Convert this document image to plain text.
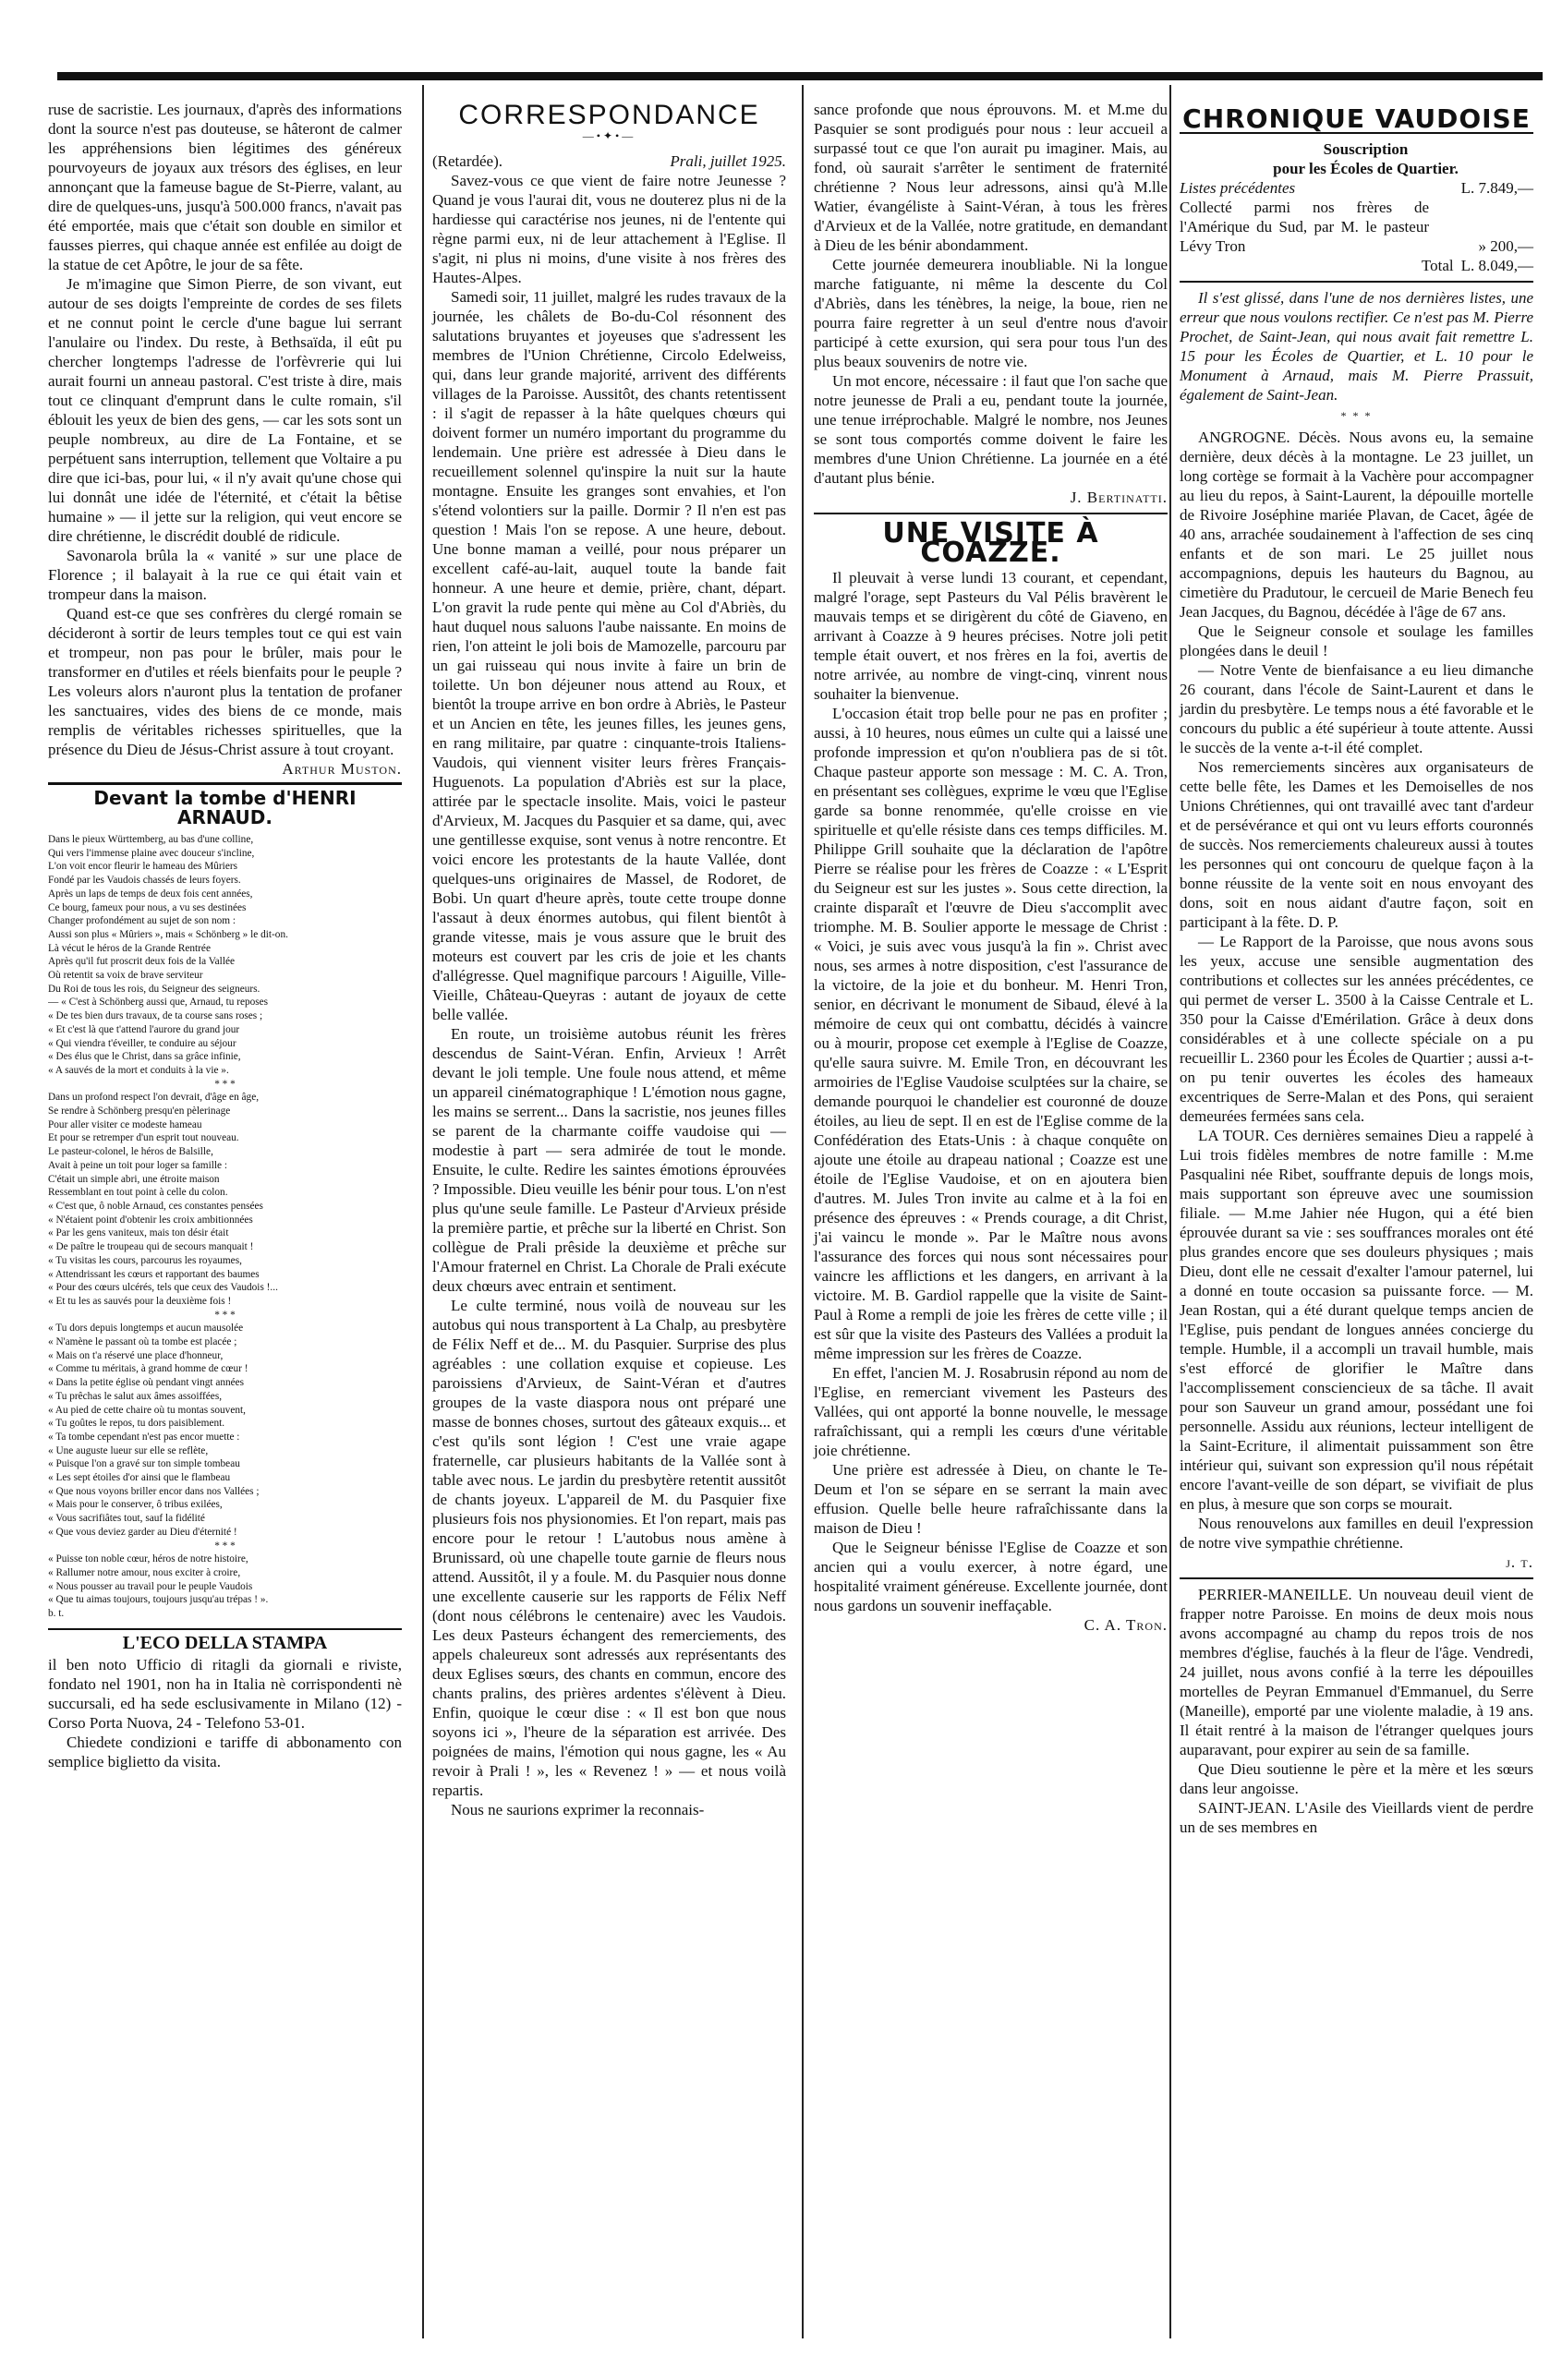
ruse de sacristie. Les journaux, d'après des informations dont la source n'est pas douteuse, se hâteront de calmer les appréhensions bien légitimes des généreux pourvoyeurs de joyaux aux trésors des églises, en leur annonçant que la fameuse bague de St-Pierre, valant, au dire de quelques-uns, jusqu'à 500.000 francs, n'avait pas été emportée, mais que c'était son double en similor et fausses pierres, qui chaque année est enfilée au doigt de la statue de cet Apôtre, le jour de sa fête.

Je m'imagine que Simon Pierre, de son vivant, eut autour de ses doigts l'empreinte de cordes de ses filets et ne connut point le cercle d'une bague lui serrant l'anulaire ou l'index. Du reste, à Bethsaïda, il eût pu chercher longtemps l'adresse de l'orfèvrerie qui lui aurait fourni un anneau pastoral. C'est triste à dire, mais tout ce clinquant d'emprunt dans le culte romain, s'il éblouit les yeux de bien des gens, — car les sots sont un peuple nombreux, au dire de La Fontaine, et se perpétuent sans interruption, tellement que Voltaire a pu dire que ici-bas, pour lui, « il n'y avait qu'une chose qui lui donnât une idée de l'éternité, et c'était la bêtise humaine » — il jette sur la religion, qui veut encore se dire chrétienne, le discrédit doublé de ridicule.

Savonarola brûla la « vanité » sur une place de Florence ; il balayait à la rue ce qui était vain et trompeur dans la maison.

Quand est-ce que ses confrères du clergé romain se décideront à sortir de leurs temples tout ce qui est vain et trompeur, non pas pour le brûler, mais pour le transformer en d'utiles et réels bienfaits pour le peuple ? Les voleurs alors n'auront plus la tentation de profaner les sanctuaires, vides des biens de ce monde, mais remplis de véritables richesses spirituelles, que la présence du Dieu de Jésus-Christ assure à tout croyant.

Arthur Muston.
Devant la tombe d'HENRI ARNAUD.
Dans le pieux Württemberg, au bas d'une colline,
Qui vers l'immense plaine avec douceur s'incline,
L'on voit encor fleurir le hameau des Mûriers
Fondé par les Vaudois chassés de leurs foyers.
Après un laps de temps de deux fois cent années,
Ce bourg, fameux pour nous, a vu ses destinées
Changer profondément au sujet de son nom :
Aussi son plus « Mûriers », mais « Schönberg » le dit-on.
Là vécut le héros de la Grande Rentrée
Après qu'il fut proscrit deux fois de la Vallée
Où retentit sa voix de brave serviteur
Du Roi de tous les rois, du Seigneur des seigneurs.
— « C'est à Schönberg aussi que, Arnaud, tu reposes
« De tes bien durs travaux, de ta course sans roses ;
« Et c'est là que t'attend l'aurore du grand jour
« Qui viendra t'éveiller, te conduire au séjour
« Des élus que le Christ, dans sa grâce infinie,
« A sauvés de la mort et conduits à la vie ».
* * *
Dans un profond respect l'on devrait, d'âge en âge,
Se rendre à Schönberg presqu'en pèlerinage
Pour aller visiter ce modeste hameau
Et pour se retremper d'un esprit tout nouveau.
Le pasteur-colonel, le héros de Balsille,
Avait à peine un toit pour loger sa famille :
C'était un simple abri, une étroite maison
Ressemblant en tout point à celle du colon.
« C'est que, ô noble Arnaud, ces constantes pensées
« N'étaient point d'obtenir les croix ambitionnées
« Par les gens vaniteux, mais ton désir était
« De paître le troupeau qui de secours manquait !
« Tu visitas les cours, parcourus les royaumes,
« Attendrissant les cœurs et rapportant des baumes
« Pour des cœurs ulcérés, tels que ceux des Vaudois !...
« Et tu les as sauvés pour la deuxième fois !
* * *
« Tu dors depuis longtemps et aucun mausolée
« N'amène le passant où ta tombe est placée ;
« Mais on t'a réservé une place d'honneur,
« Comme tu méritais, à grand homme de cœur !
« Dans la petite église où pendant vingt années
« Tu prêchas le salut aux âmes assoiffées,
« Au pied de cette chaire où tu montas souvent,
« Tu goûtes le repos, tu dors paisiblement.
« Ta tombe cependant n'est pas encor muette :
« Une auguste lueur sur elle se reflète,
« Puisque l'on a gravé sur ton simple tombeau
« Les sept étoiles d'or ainsi que le flambeau
« Que nous voyons briller encor dans nos Vallées ;
« Mais pour le conserver, ô tribus exilées,
« Vous sacrifiâtes tout, sauf la fidélité
« Que vous deviez garder au Dieu d'éternité !
* * *
« Puisse ton noble cœur, héros de notre histoire,
« Rallumer notre amour, nous exciter à croire,
« Nous pousser au travail pour le peuple Vaudois
« Que tu aimas toujours, toujours jusqu'au trépas ! ».
b. t.
L'ECO DELLA STAMPA

il ben noto Ufficio di ritagli da giornali e riviste, fondato nel 1901, non ha in Italia nè corrispondenti nè succursali, ed ha sede esclusivamente in Milano (12) - Corso Porta Nuova, 24 - Telefono 53-01.

Chiedete condizioni e tariffe di abbonamento con semplice biglietto da visita.

CORRESPONDANCE
—•✦•—
(Retardée).	Prali, juillet 1925.

Savez-vous ce que vient de faire notre Jeunesse ? Quand je vous l'aurai dit, vous ne douterez plus ni de la hardiesse qui caractérise nos jeunes, ni de l'entente qui règne parmi eux, ni de leur attachement à l'Eglise. Il s'agit, ni plus ni moins, d'une visite à nos frères des Hautes-Alpes.

Samedi soir, 11 juillet, malgré les rudes travaux de la journée, les châlets de Bo-du-Col résonnent des salutations bruyantes et joyeuses que s'adressent les membres de l'Union Chrétienne, Circolo Edelweiss, qui, dans leur grande majorité, arrivent des différents villages de la Paroisse. Aussitôt, des chants retentissent : il s'agit de repasser à la hâte quelques chœurs qui doivent former un numéro important du programme du lendemain. Une prière est adressée à Dieu dans le recueillement solennel qu'inspire la nuit sur la haute montagne. Ensuite les granges sont envahies, et l'on s'étend volontiers sur la paille. Dormir ? Il n'en est pas question ! Mais l'on se repose. A une heure, debout. Une bonne maman a veillé, pour nous préparer un excellent café-au-lait, auquel toute la bande fait honneur. A une heure et demie, prière, chant, départ. L'on gravit la rude pente qui mène au Col d'Abriès, du haut duquel nous saluons l'aube naissante. En moins de rien, l'on atteint le joli bois de Mamozelle, parcouru par un gai ruisseau qui nous invite à faire un brin de toilette. Un bon déjeuner nous attend au Roux, et bientôt la troupe arrive en bon ordre à Abriès, le Pasteur et un Ancien en tête, les jeunes filles, les jeunes gens, en rang militaire, par quatre : cinquante-trois Italiens-Vaudois, qui viennent visiter leurs frères Français-Huguenots. La population d'Abriès est sur la place, attirée par le spectacle insolite. Mais, voici le pasteur d'Arvieux, M. Jacques du Pasquier et sa dame, qui, avec une gentillesse exquise, sont venus à notre rencontre. Et voici encore les protestants de la haute Vallée, dont quelques-uns originaires de Massel, de Rodoret, de Bobi. Un quart d'heure après, toute cette troupe donne l'assaut à deux énormes autobus, qui filent bientôt à grande vitesse, mais je vous assure que le bruit des moteurs est couvert par les cris de joie et les chants d'allégresse. Quel magnifique parcours ! Aiguille, Ville-Vieille, Château-Queyras : autant de joyaux de cette belle vallée.

En route, un troisième autobus réunit les frères descendus de Saint-Véran. Enfin, Arvieux ! Arrêt devant le joli temple. Une foule nous attend, et même un appareil cinématographique ! L'émotion nous gagne, les mains se serrent... Dans la sacristie, nos jeunes filles se parent de la charmante coiffe vaudoise qui — modestie à part — sera admirée de tout le monde. Ensuite, le culte. Redire les saintes émotions éprouvées ? Impossible. Dieu veuille les bénir pour tous. L'on n'est plus qu'une seule famille. Le Pasteur d'Arvieux préside la première partie, et prêche sur la liberté en Christ. Son collègue de Prali prêside la deuxième et prêche sur l'Amour fraternel en Christ. La Chorale de Prali exécute deux chœurs avec entrain et sentiment.

Le culte terminé, nous voilà de nouveau sur les autobus qui nous transportent à La Chalp, au presbytère de Félix Neff et de... M. du Pasquier. Surprise des plus agréables : une collation exquise et copieuse. Les paroissiens d'Arvieux, de Saint-Véran et d'autres groupes de la vaste diaspora nous ont préparé une masse de bonnes choses, surtout des gâteaux exquis... et c'est qu'ils sont légion ! C'est une vraie agape fraternelle, car plusieurs habitants de la Vallée sont à table avec nous. Le jardin du presbytère retentit aussitôt de chants joyeux. L'appareil de M. du Pasquier fixe plusieurs fois nos physionomies. Et l'on repart, mais pas encore pour le retour ! L'autobus nous amène à Brunissard, où une chapelle toute garnie de fleurs nous attend. Aussitôt, il y a foule. M. du Pasquier nous donne une excellente causerie sur les rapports de Félix Neff (dont nous célébrons le centenaire) avec les Vaudois. Les deux Pasteurs échangent des remerciements, des appels chaleureux sont adressés aux représentants des deux Eglises sœurs, des chants en commun, encore des chants pralins, des prières ardentes s'élèvent à Dieu. Enfin, quoique le cœur dise : « Il est bon que nous soyons ici », l'heure de la séparation est arrivée. Des poignées de mains, l'émotion qui nous gagne, les « Au revoir à Prali ! », les « Revenez ! » — et nous voilà repartis.

Nous ne saurions exprimer la reconnais-

sance profonde que nous éprouvons. M. et M.me du Pasquier se sont prodigués pour nous : leur accueil a surpassé tout ce que l'on aurait pu imaginer. Mais, au fond, où saurait s'arrêter le sentiment de fraternité chrétienne ? Nous leur adressons, ainsi qu'à M.lle Watier, évangéliste à Saint-Véran, à tous les frères d'Arvieux et de la Vallée, notre gratitude, en demandant à Dieu de les bénir abondamment.

Cette journée demeurera inoubliable. Ni la longue marche fatiguante, ni même la descente du Col d'Abriès, dans les ténèbres, la neige, la boue, rien ne pourra faire regretter à un seul d'entre nous d'avoir participé à cette exursion, qui sera pour tous l'un des plus beaux souvenirs de notre vie.

Un mot encore, nécessaire : il faut que l'on sache que notre jeunesse de Prali a eu, pendant toute la journée, une tenue irréprochable. Malgré le nombre, nos Jeunes se sont tous comportés comme doivent le faire les membres d'une Union Chrétienne. La journée en a été d'autant plus bénie.

J. Bertinatti.
UNE VISITE À COAZZE.

Il pleuvait à verse lundi 13 courant, et cependant, malgré l'orage, sept Pasteurs du Val Pélis bravèrent le mauvais temps et se dirigèrent du côté de Giaveno, en arrivant à Coazze à 9 heures précises. Notre joli petit temple était ouvert, et nos frères en la foi, avertis de notre arrivée, au nombre de vingt-cinq, vinrent nous souhaiter la bienvenue.

L'occasion était trop belle pour ne pas en profiter ; aussi, à 10 heures, nous eûmes un culte qui a laissé une profonde impression et qu'on n'oubliera pas de si tôt. Chaque pasteur apporte son message : M. C. A. Tron, en présentant ses collègues, exprime le vœu que l'Eglise garde sa bonne renommée, qu'elle croisse en vie spirituelle et qu'elle résiste dans ces temps difficiles. M. Philippe Grill souhaite que la déclaration de l'apôtre Pierre se réalise pour les frères de Coazze : « L'Esprit du Seigneur est sur les justes ». Sous cette direction, la crainte disparaît et l'œuvre de Dieu s'accomplit avec triomphe. M. B. Soulier apporte le message de Christ : « Voici, je suis avec vous jusqu'à la fin ». Christ avec nous, ses armes à notre disposition, c'est l'assurance de la victoire, de la joie et du bonheur. M. Henri Tron, senior, en décrivant le monument de Sibaud, élevé à la mémoire de ceux qui ont combattu, décidés à vaincre ou à mourir, propose cet exemple à l'Eglise de Coazze, qu'elle saura suivre. M. Emile Tron, en découvrant les armoiries de l'Eglise Vaudoise sculptées sur la chaire, se demande pourquoi le chandelier est couronné de douze étoiles, au lieu de sept. Il en est de l'Eglise comme de la Confédération des Etats-Unis : à chaque conquête on ajoute une étoile au drapeau national ; Coazze est une étoile de l'Eglise Vaudoise, et on en ajoutera bien d'autres. M. Jules Tron invite au calme et à la foi en présence des épreuves : « Prends courage, a dit Christ, j'ai vaincu le monde ». Par le Maître nous avons l'assurance des forces qui nous sont nécessaires pour vaincre les afflictions et les dangers, en arrivant à la victoire. M. B. Gardiol rappelle que la visite de Saint-Paul à Rome a rempli de joie les frères de cette ville ; il est sûr que la visite des Pasteurs des Vallées a produit la même impression sur les frères de Coazze.

En effet, l'ancien M. J. Rosabrusin répond au nom de l'Eglise, en remerciant vivement les Pasteurs des Vallées, qui ont apporté la bonne nouvelle, le message rafraîchissant, qui a rempli les cœurs d'une véritable joie chrétienne.

Une prière est adressée à Dieu, on chante le Te-Deum et l'on se sépare en se serrant la main avec effusion. Quelle belle heure rafraîchissante dans la maison de Dieu !

Que le Seigneur bénisse l'Eglise de Coazze et son ancien qui a voulu exercer, à notre égard, une hospitalité vraiment généreuse. Excellente journée, dont nous gardons un souvenir ineffaçable.

C. A. Tron.
CHRONIQUE VAUDOISE

Souscription

pour les Écoles de Quartier.

Listes précédentes	L. 7.849,—
Collecté parmi nos frères de l'Amérique du Sud, par M. le pasteur Lévy Tron	» 200,—
Total L. 8.049,—

Il s'est glissé, dans l'une de nos dernières listes, une erreur que nous voulons rectifier. Ce n'est pas M. Pierre Prochet, de Saint-Jean, qui nous avait fait remettre L. 15 pour les Écoles de Quartier, et L. 10 pour le Monument à Arnaud, mais M. Pierre Prassuit, également de Saint-Jean.

* * *

ANGROGNE. Décès. Nous avons eu, la semaine dernière, deux décès à la montagne. Le 23 juillet, un long cortège se formait à la Vachère pour accompagner au lieu du repos, à Saint-Laurent, la dépouille mortelle de Rivoire Joséphine mariée Plavan, de Cacet, âgée de 40 ans, arrachée soudainement à l'affection de ses cinq enfants et de son mari. Le 25 juillet nous accompagnions, depuis les hauteurs du Bagnou, au cimetière du Pradutour, le cercueil de Marie Benech feu Jean Jacques, du Bagnou, décédée à l'âge de 67 ans.

Que le Seigneur console et soulage les familles plongées dans le deuil !

— Notre Vente de bienfaisance a eu lieu dimanche 26 courant, dans l'école de Saint-Laurent et dans le jardin du presbytère. Le temps nous a été favorable et le concours du public a été supérieur à toute attente. Aussi le succès de la vente a-t-il été complet.

Nos remerciements sincères aux organisateurs de cette belle fête, les Dames et les Demoiselles de nos Unions Chrétiennes, qui ont travaillé avec tant d'ardeur et de persévérance et qui ont vu leurs efforts couronnés de succès. Nos remerciements chaleureux aussi à toutes les personnes qui ont concouru de quelque façon à la bonne réussite de la vente soit en nous envoyant des dons, soit en nous aidant d'autre façon, soit en participant à la fête. D. P.

— Le Rapport de la Paroisse, que nous avons sous les yeux, accuse une sensible augmentation des contributions et collectes sur les années précédentes, ce qui permet de verser L. 3500 à la Caisse Centrale et L. 350 pour la Caisse d'Emérilation. Grâce à deux dons considérables et à une collecte spéciale on a pu recueillir L. 2360 pour les Écoles de Quartier ; aussi a-t-on pu tenir ouvertes les écoles des hameaux excentriques de Serre-Malan et des Pons, qui seraient demeurées fermées sans cela.

LA TOUR. Ces dernières semaines Dieu a rappelé à Lui trois fidèles membres de notre famille : M.me Pasqualini née Ribet, souffrante depuis de longs mois, mais supportant son épreuve avec une soumission filiale. — M.me Jahier née Hugon, qui a été bien éprouvée durant sa vie : ses souffrances morales ont été plus grandes encore que ses douleurs physiques ; mais Dieu, dont elle ne cessait d'exalter l'amour paternel, lui a donné en toute occasion sa puissante force. — M. Jean Rostan, qui a été durant quelque temps ancien de l'Eglise, puis pendant de longues années concierge du temple. Humble, il a accompli un travail humble, mais s'est efforcé de glorifier le Maître dans l'accomplissement consciencieux de sa tâche. Il avait pour son Sauveur un grand amour, possédant une foi personnelle. Assidu aux réunions, lecteur intelligent de la Saint-Ecriture, il alimentait puissamment son être intérieur qui, suivant son expression qu'il nous répétait encore l'avant-veille de son départ, se vivifiait de plus en plus, à mesure que son corps se mourait.

Nous renouvelons aux familles en deuil l'expression de notre vive sympathie chrétienne.

j. t.

PERRIER-MANEILLE. Un nouveau deuil vient de frapper notre Paroisse. En moins de deux mois nous avons accompagné au champ du repos trois de nos membres d'église, fauchés à la fleur de l'âge. Vendredi, 24 juillet, nous avons confié à la terre les dépouilles mortelles de Peyran Emmanuel d'Emmanuel, du Serre (Maneille), emporté par une violente maladie, à 19 ans. Il était rentré à la maison de l'étranger quelques jours auparavant, pour expirer au sein de sa famille.

Que Dieu soutienne le père et la mère et les sœurs dans leur angoisse.

SAINT-JEAN. L'Asile des Vieillards vient de perdre un de ses membres en
